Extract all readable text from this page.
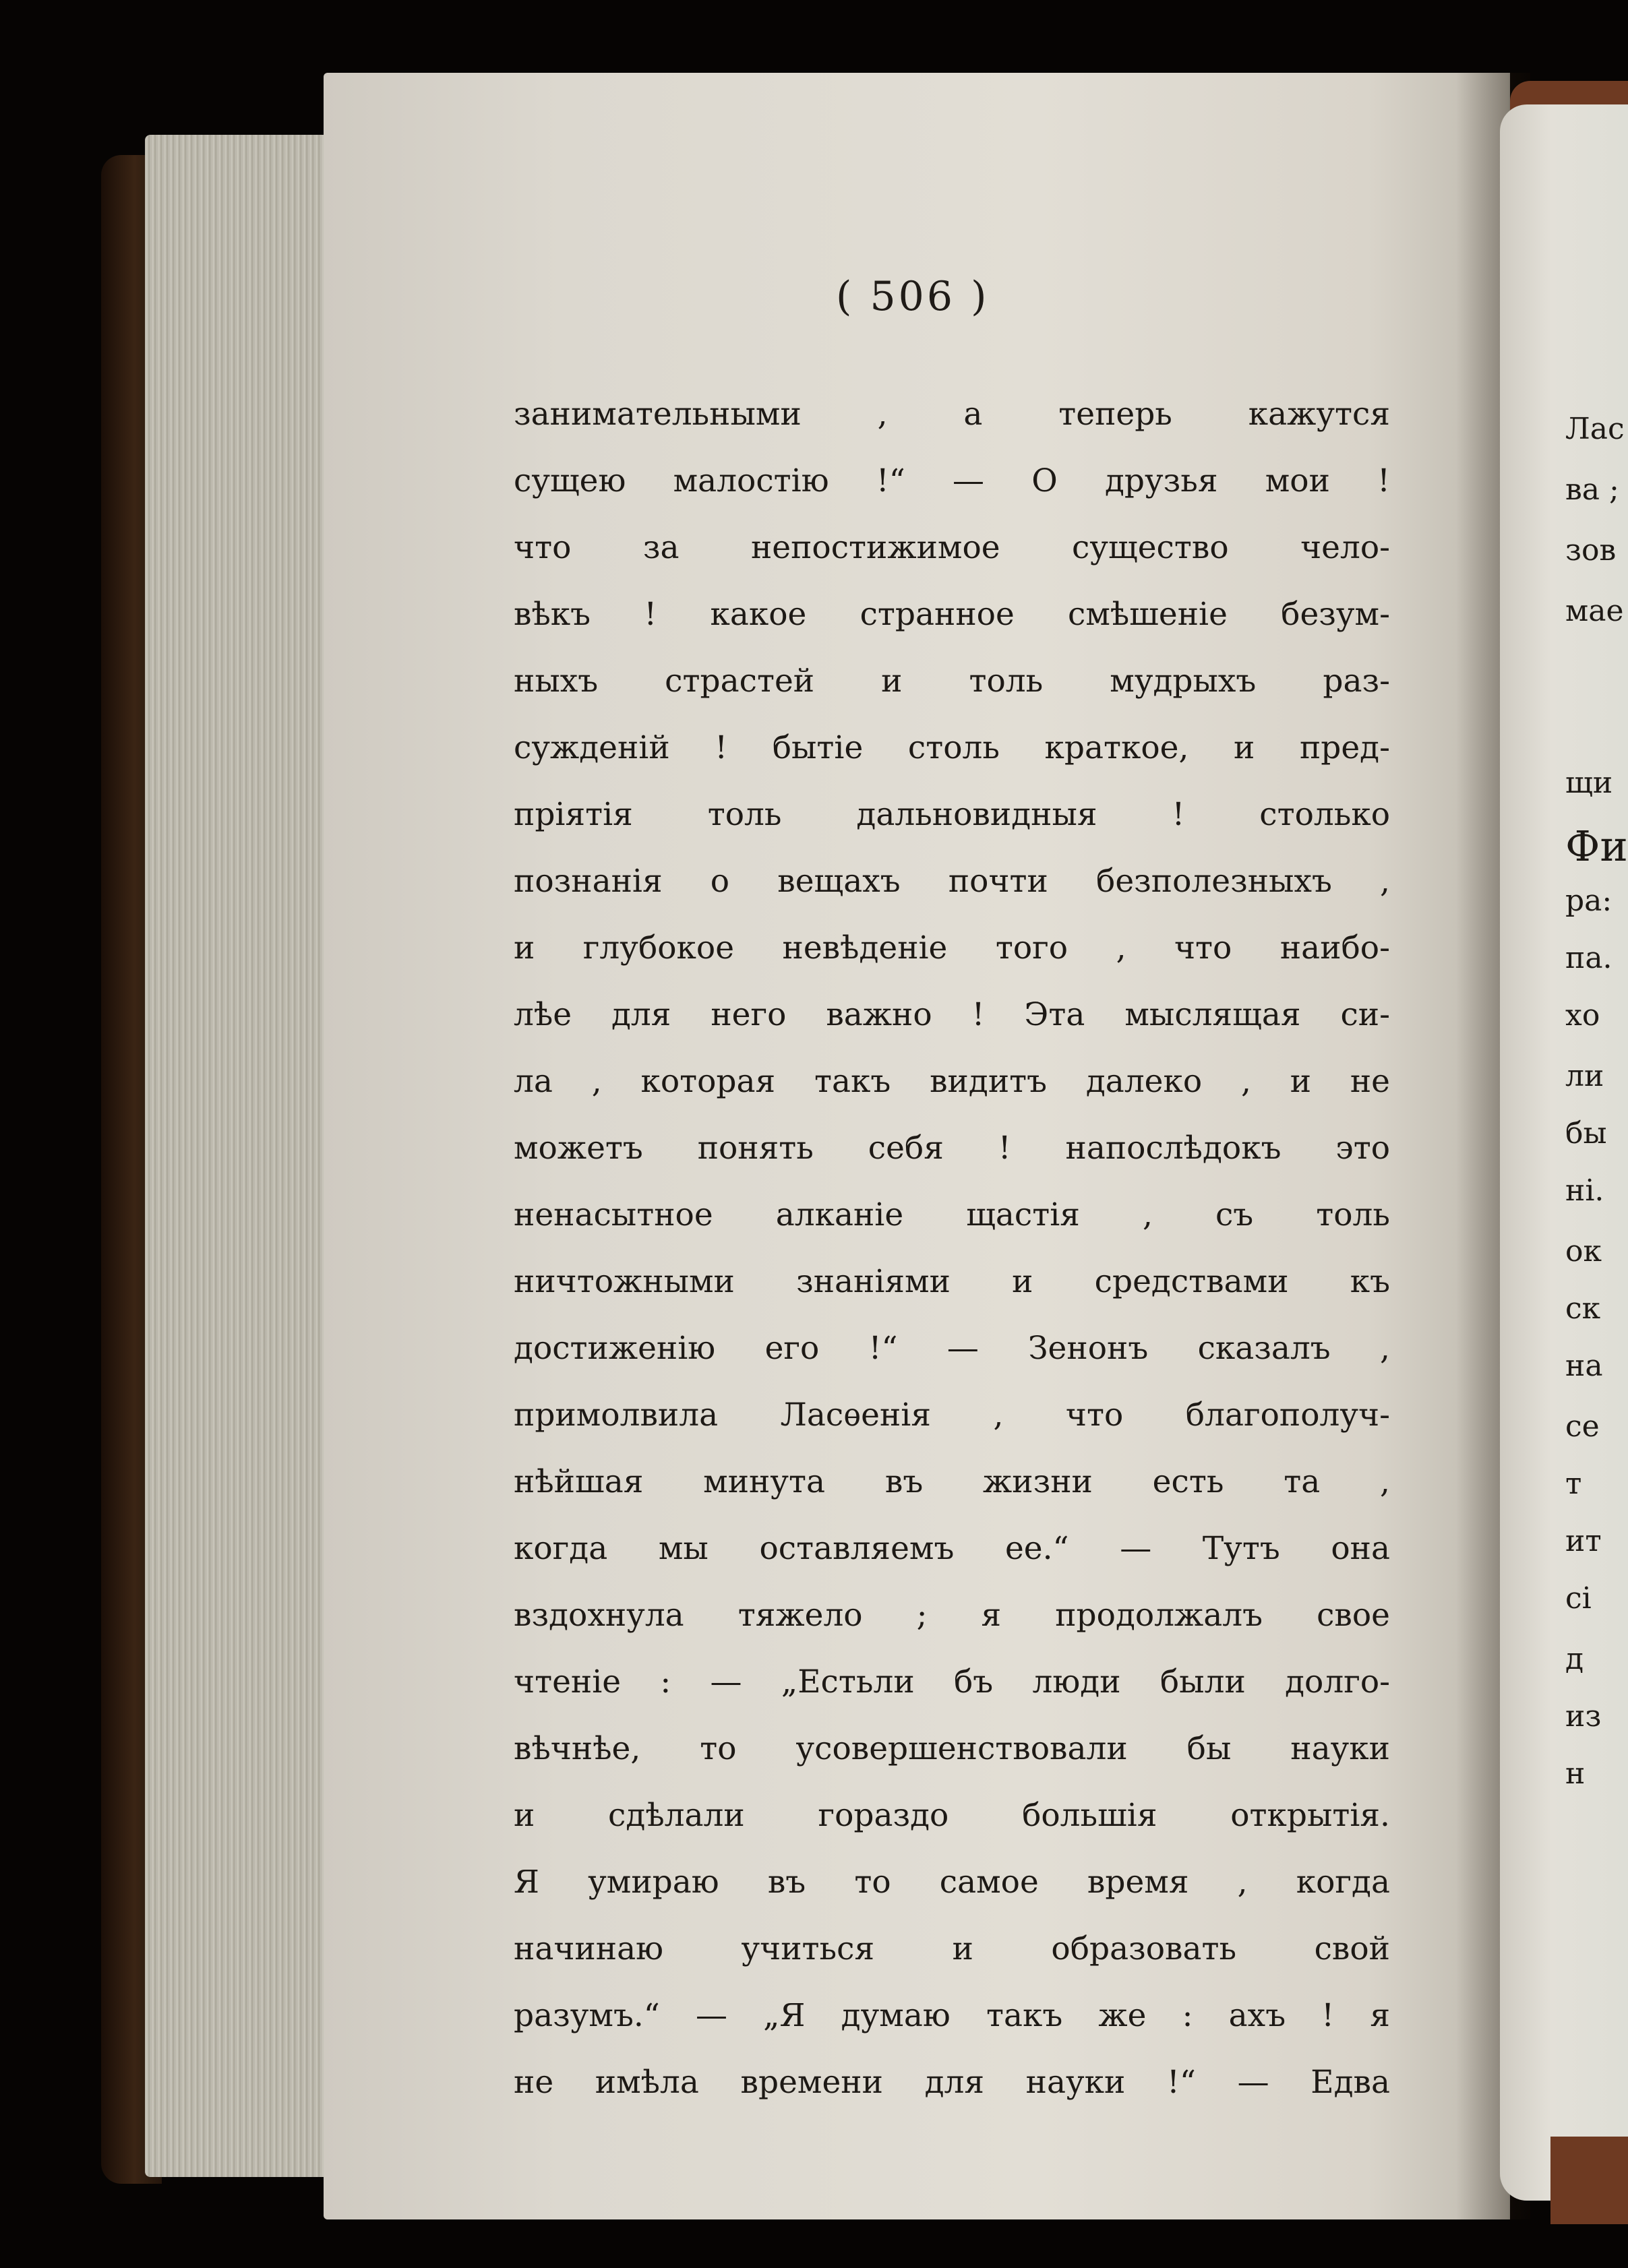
( 506 )
занимательными , а теперь кажутся
сущею малостію !“ — О друзья мои !
что за непостижимое существо чело-
вѣкъ ! какое странное смѣшеніе безум-
ныхъ страстей и толь мудрыхъ раз-
сужденій ! бытіе столь краткое, и пред-
пріятія толь дальновидныя ! столько
познанія о вещахъ почти безполезныхъ ,
и глубокое невѣденіе того , что наибо-
лѣе для него важно ! Эта мыслящая си-
ла , которая такъ видитъ далеко , и не
можетъ понять себя ! напослѣдокъ это
ненасытное алканіе щастія , съ толь
ничтожными знаніями и средствами къ
достиженію его !“ — Зенонъ сказалъ ,
примолвила Ласѳенія , что благополуч-
нѣйшая минута въ жизни есть та ,
когда мы оставляемъ ее.“ — Тутъ она
вздохнула тяжело ; я продолжалъ свое
чтеніе : — „Естьли бъ люди были долго-
вѣчнѣе, то усовершенствовали бы науки
и сдѣлали гораздо большія открытія.
Я умираю въ то самое время , когда
начинаю учиться и образовать свой
разумъ.“ — „Я думаю такъ же : ахъ ! я
не имѣла времени для науки !“ — Едва
Лас
ва ;
зов
мае
щи
Фи
ра:
па.
хо
ли
бы
ні.
ок
ск
на
се
т
ит
сі
д
из
н
